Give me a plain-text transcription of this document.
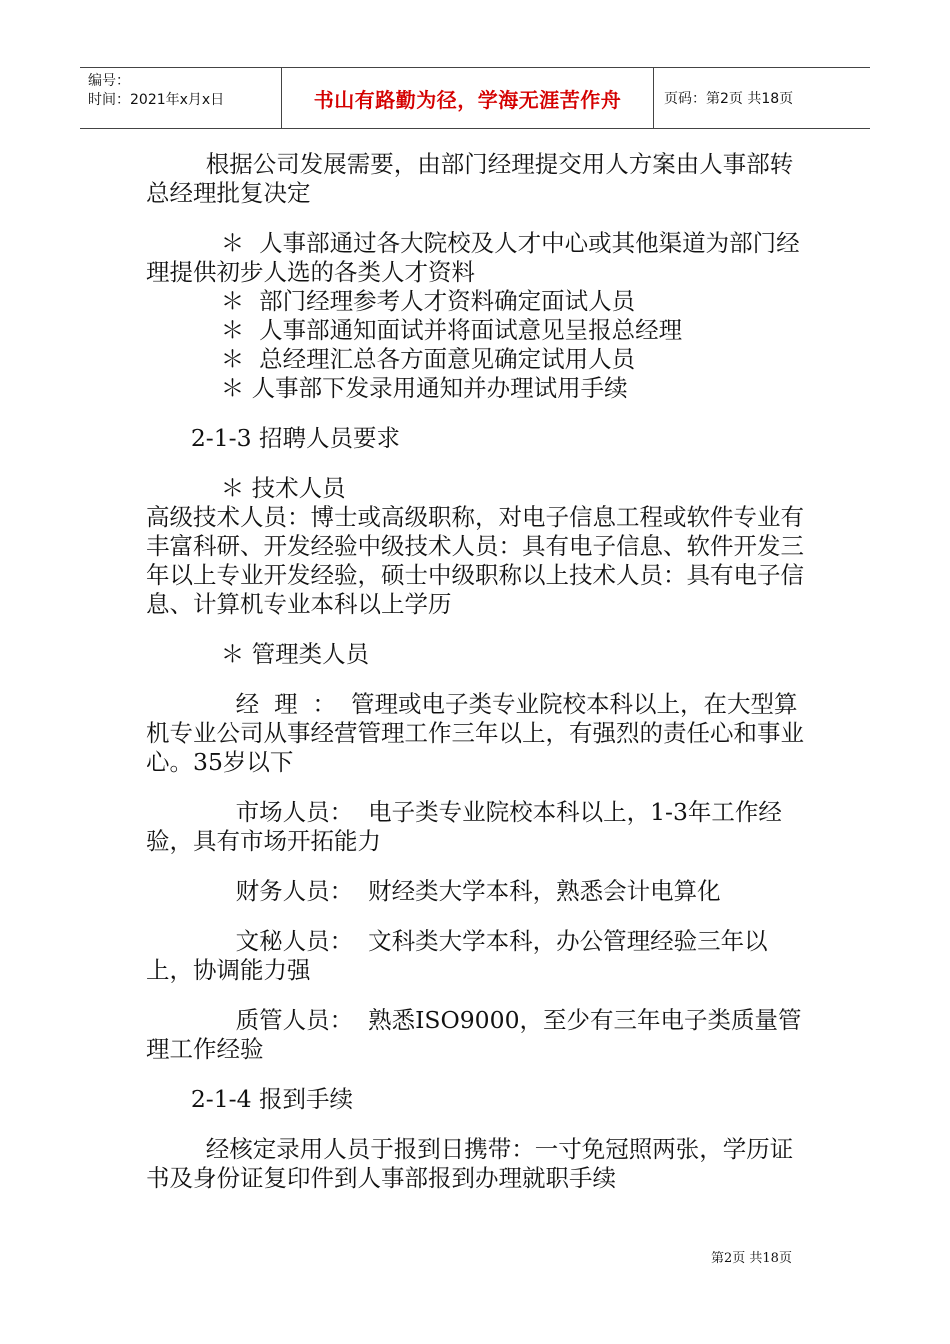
编号：
时间：2021年x月x日	书山有路勤为径，学海无涯苦作舟	页码：第2页 共18页

根据公司发展需要，由部门经理提交用人方案由人事部转总经理批复决定

＊  人事部通过各大院校及人才中心或其他渠道为部门经理提供初步人选的各类人才资料

＊  部门经理参考人才资料确定面试人员

＊  人事部通知面试并将面试意见呈报总经理

＊  总经理汇总各方面意见确定试用人员

＊ 人事部下发录用通知并办理试用手续

2-1-3 招聘人员要求

＊ 技术人员

高级技术人员：博士或高级职称，对电子信息工程或软件专业有丰富科研、开发经验中级技术人员：具有电子信息、软件开发三年以上专业开发经验，硕士中级职称以上技术人员：具有电子信息、计算机专业本科以上学历

＊ 管理类人员

经  理  ：  管理或电子类专业院校本科以上，在大型算机专业公司从事经营管理工作三年以上，有强烈的责任心和事业心。35岁以下

市场人员：  电子类专业院校本科以上，1-3年工作经验，具有市场开拓能力

财务人员：  财经类大学本科，熟悉会计电算化

文秘人员：  文科类大学本科，办公管理经验三年以上，协调能力强

质管人员：  熟悉ISO9000，至少有三年电子类质量管理工作经验

2-1-4 报到手续

经核定录用人员于报到日携带：一寸免冠照两张，学历证书及身份证复印件到人事部报到办理就职手续

第2页 共18页
